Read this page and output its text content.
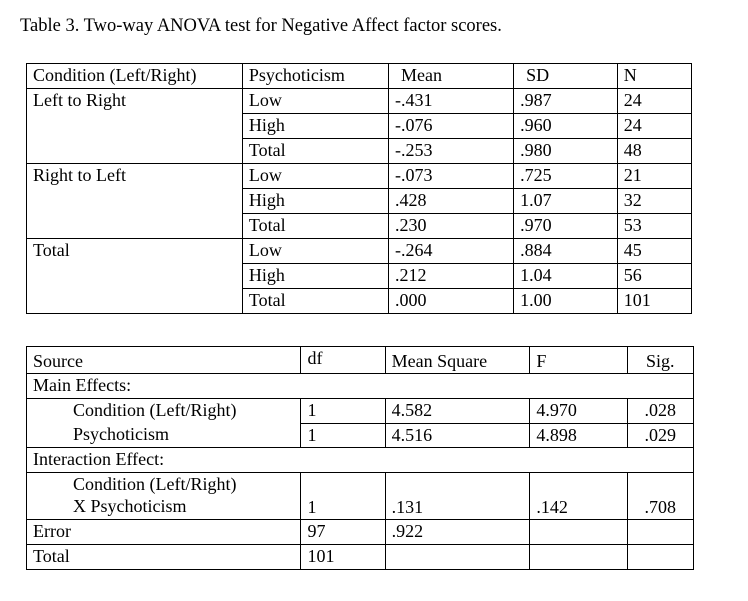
Table 3. Two-way ANOVA test for Negative Affect factor scores.
Condition (Left/Right)	Psychoticism	Mean	SD	N
Left to Right	Low	-.431	.987	24
	High	-.076	.960	24
	Total	-.253	.980	48
Right to Left	Low	-.073	.725	21
	High	.428	1.07	32
	Total	.230	.970	53
Total	Low	-.264	.884	45
	High	.212	1.04	56
	Total	.000	1.00	101
Source	df	Mean Square	F	Sig.
Main Effects:				
Condition (Left/Right)	1	4.582	4.970	.028
Psychoticism	1	4.516	4.898	.029
Interaction Effect:				

Condition (Left/Right)
X Psychoticism	1	.131	.142	.708
Error	97	.922		
Total	101			
